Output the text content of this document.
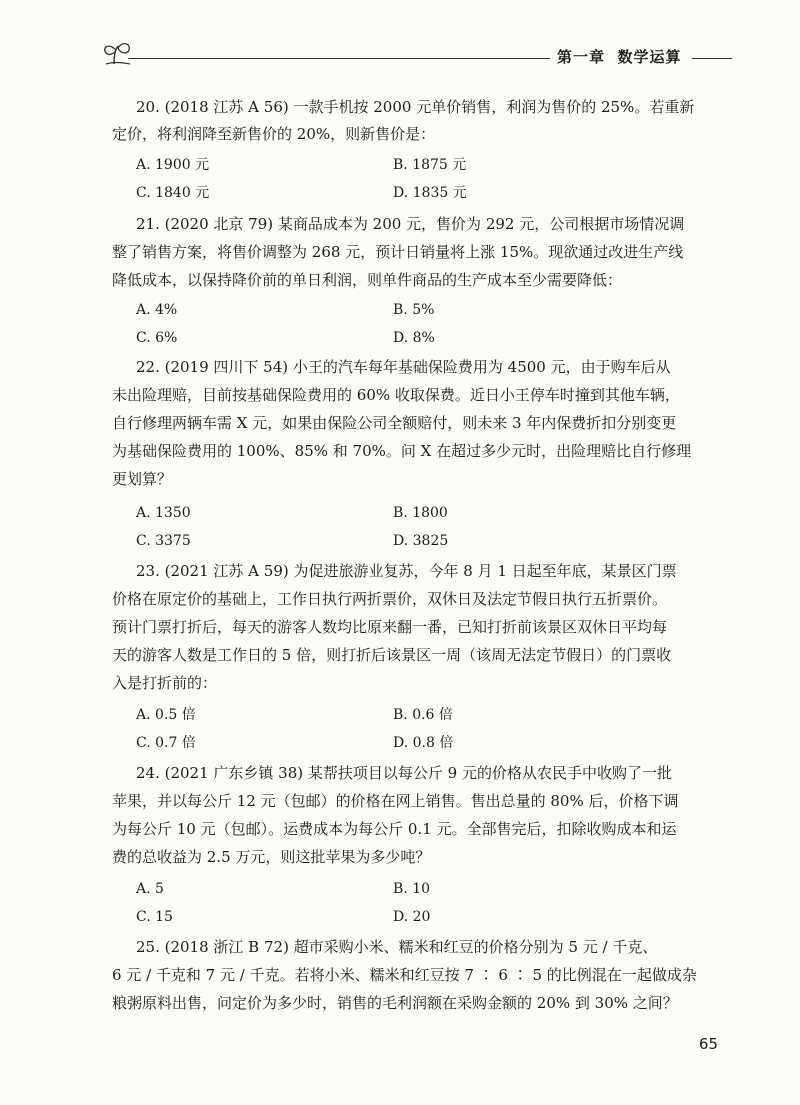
第一章 数学运算
20. (2018 江苏 A 56) 一款手机按 2000 元单价销售，利润为售价的 25%。若重新
定价，将利润降至新售价的 20%，则新售价是：
A. 1900 元	B. 1875 元
C. 1840 元	D. 1835 元
21. (2020 北京 79) 某商品成本为 200 元，售价为 292 元，公司根据市场情况调
整了销售方案，将售价调整为 268 元，预计日销量将上涨 15%。现欲通过改进生产线
降低成本，以保持降价前的单日利润，则单件商品的生产成本至少需要降低：
A. 4%	B. 5%
C. 6%	D. 8%
22. (2019 四川下 54) 小王的汽车每年基础保险费用为 4500 元，由于购车后从
未出险理赔，目前按基础保险费用的 60% 收取保费。近日小王停车时撞到其他车辆，
自行修理两辆车需 X 元，如果由保险公司全额赔付，则未来 3 年内保费折扣分别变更
为基础保险费用的 100%、85% 和 70%。问 X 在超过多少元时，出险理赔比自行修理
更划算？
A. 1350	B. 1800
C. 3375	D. 3825
23. (2021 江苏 A 59) 为促进旅游业复苏，今年 8 月 1 日起至年底，某景区门票
价格在原定价的基础上，工作日执行两折票价，双休日及法定节假日执行五折票价。
预计门票打折后，每天的游客人数均比原来翻一番，已知打折前该景区双休日平均每
天的游客人数是工作日的 5 倍，则打折后该景区一周（该周无法定节假日）的门票收
入是打折前的：
A. 0.5 倍	B. 0.6 倍
C. 0.7 倍	D. 0.8 倍
24. (2021 广东乡镇 38) 某帮扶项目以每公斤 9 元的价格从农民手中收购了一批
苹果，并以每公斤 12 元（包邮）的价格在网上销售。售出总量的 80% 后，价格下调
为每公斤 10 元（包邮）。运费成本为每公斤 0.1 元。全部售完后，扣除收购成本和运
费的总收益为 2.5 万元，则这批苹果为多少吨？
A. 5	B. 10
C. 15	D. 20
25. (2018 浙江 B 72) 超市采购小米、糯米和红豆的价格分别为 5 元 / 千克、
6 元 / 千克和 7 元 / 千克。若将小米、糯米和红豆按 7 ∶ 6 ∶ 5 的比例混在一起做成杂
粮粥原料出售，问定价为多少时，销售的毛利润额在采购金额的 20% 到 30% 之间？
65
